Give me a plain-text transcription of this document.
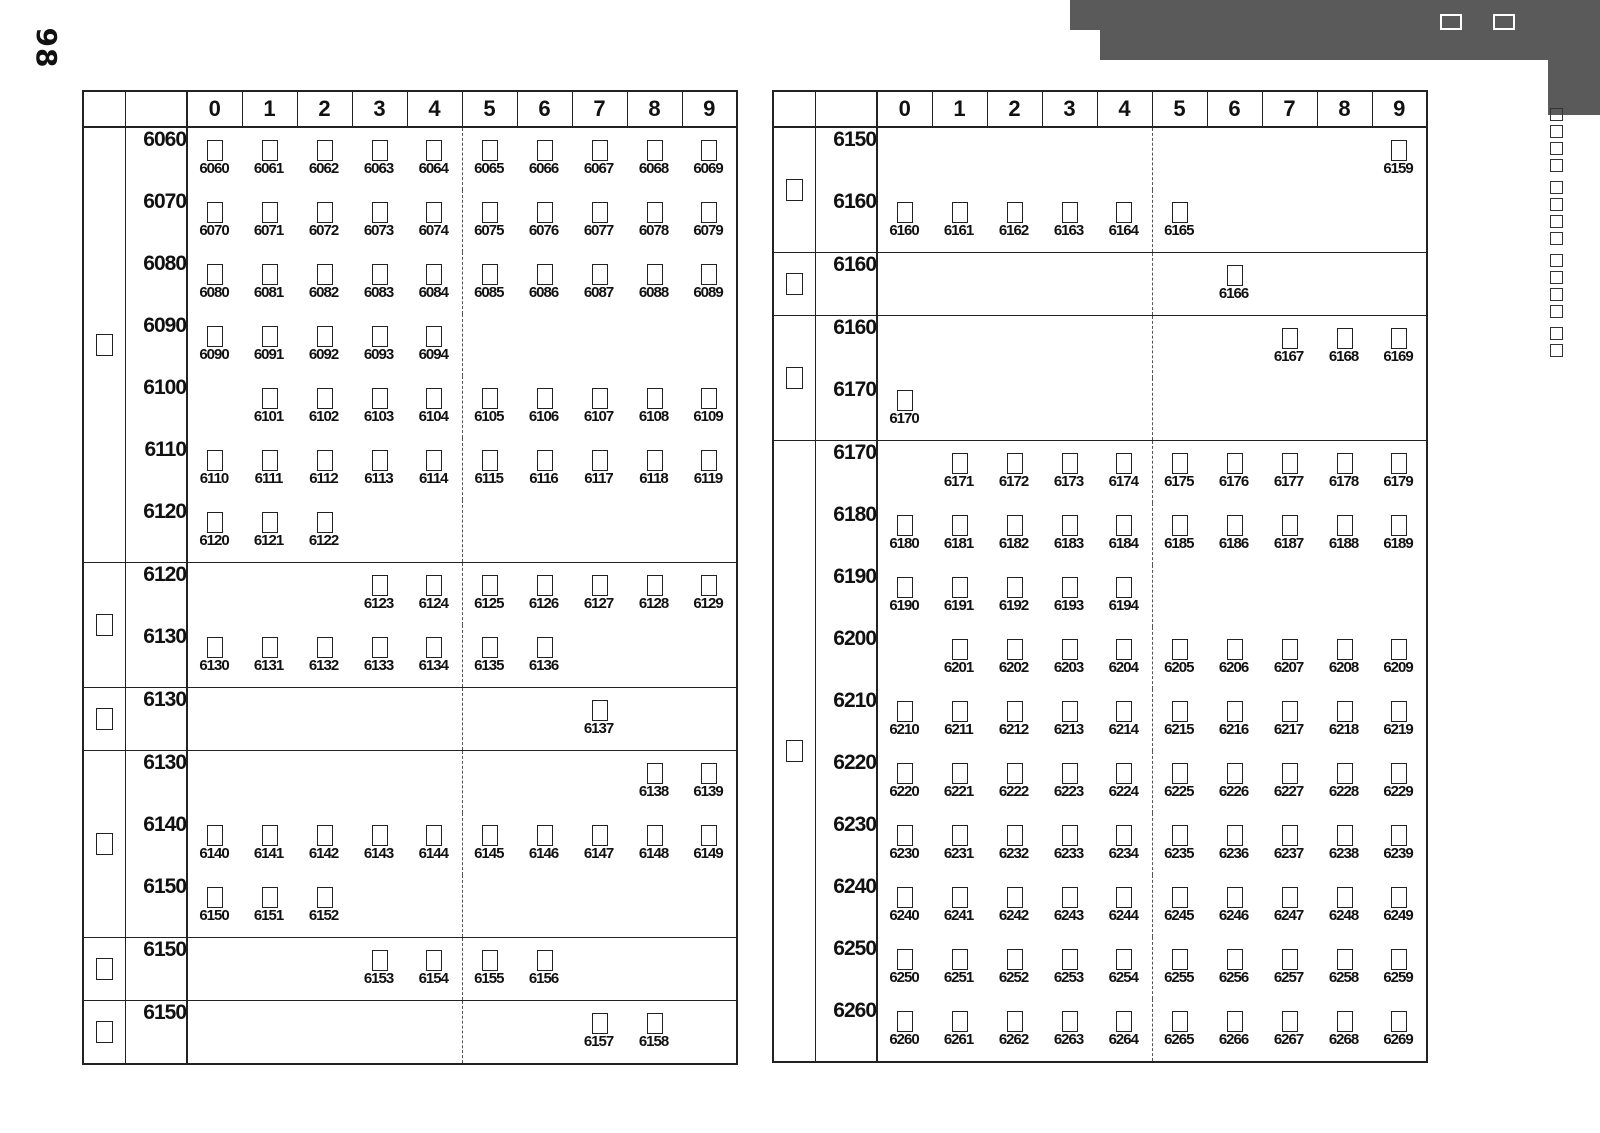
98

		0	1	2	3	4	5	6	7	8	9

	6060	6060	6061	6062	6063	6064	6065	6066	6067	6068	6069

	6070	6070	6071	6072	6073	6074	6075	6076	6077	6078	6079

	6080	6080	6081	6082	6083	6084	6085	6086	6087	6088	6089

	6090	6090	6091	6092	6093	6094					

	6100		6101	6102	6103	6104	6105	6106	6107	6108	6109

	6110	6110	6111	6112	6113	6114	6115	6116	6117	6118	6119

	6120	6120	6121	6122							

	6120				6123	6124	6125	6126	6127	6128	6129

	6130	6130	6131	6132	6133	6134	6135	6136			

	6130								6137		

	6130									6138	6139

	6140	6140	6141	6142	6143	6144	6145	6146	6147	6148	6149

	6150	6150	6151	6152							

	6150				6153	6154	6155	6156			

	6150								6157	6158	

		0	1	2	3	4	5	6	7	8	9

	6150										6159

	6160	6160	6161	6162	6163	6164	6165				

	6160							6166			

	6160								6167	6168	6169

	6170	6170									

	6170		6171	6172	6173	6174	6175	6176	6177	6178	6179

	6180	6180	6181	6182	6183	6184	6185	6186	6187	6188	6189

	6190	6190	6191	6192	6193	6194					

	6200		6201	6202	6203	6204	6205	6206	6207	6208	6209

	6210	6210	6211	6212	6213	6214	6215	6216	6217	6218	6219

	6220	6220	6221	6222	6223	6224	6225	6226	6227	6228	6229

	6230	6230	6231	6232	6233	6234	6235	6236	6237	6238	6239

	6240	6240	6241	6242	6243	6244	6245	6246	6247	6248	6249

	6250	6250	6251	6252	6253	6254	6255	6256	6257	6258	6259

	6260	6260	6261	6262	6263	6264	6265	6266	6267	6268	6269
